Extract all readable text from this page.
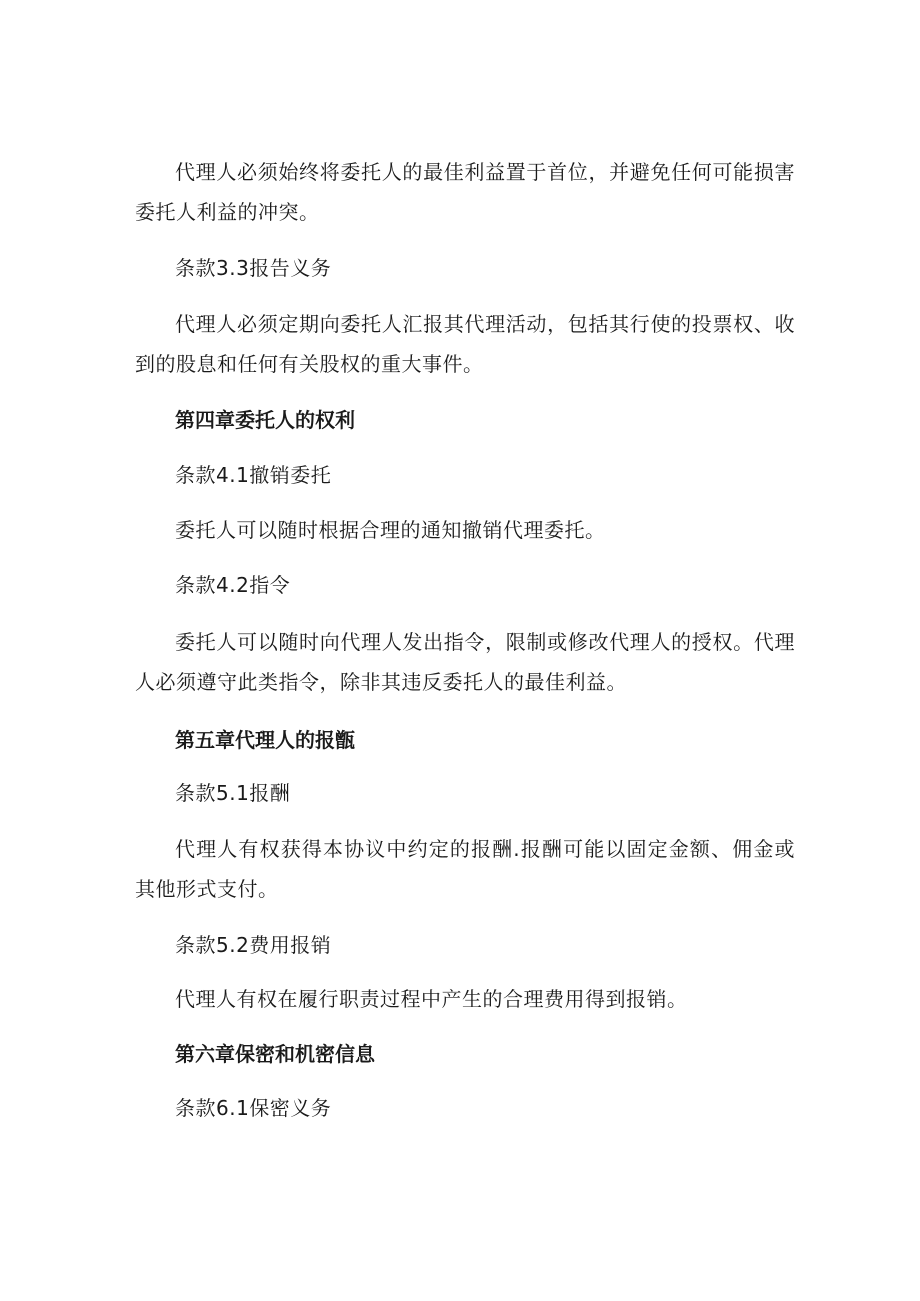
代理人必须始终将委托人的最佳利益置于首位，并避免任何可能损害委托人利益的冲突。

条款3.3报告义务

代理人必须定期向委托人汇报其代理活动，包括其行使的投票权、收到的股息和任何有关股权的重大事件。

第四章委托人的权利

条款4.1撤销委托

委托人可以随时根据合理的通知撤销代理委托。

条款4.2指令

委托人可以随时向代理人发出指令，限制或修改代理人的授权。代理人必须遵守此类指令，除非其违反委托人的最佳利益。

第五章代理人的报甑

条款5.1报酬

代理人有权获得本协议中约定的报酬.报酬可能以固定金额、佣金或其他形式支付。

条款5.2费用报销

代理人有权在履行职责过程中产生的合理费用得到报销。

第六章保密和机密信息

条款6.1保密义务
